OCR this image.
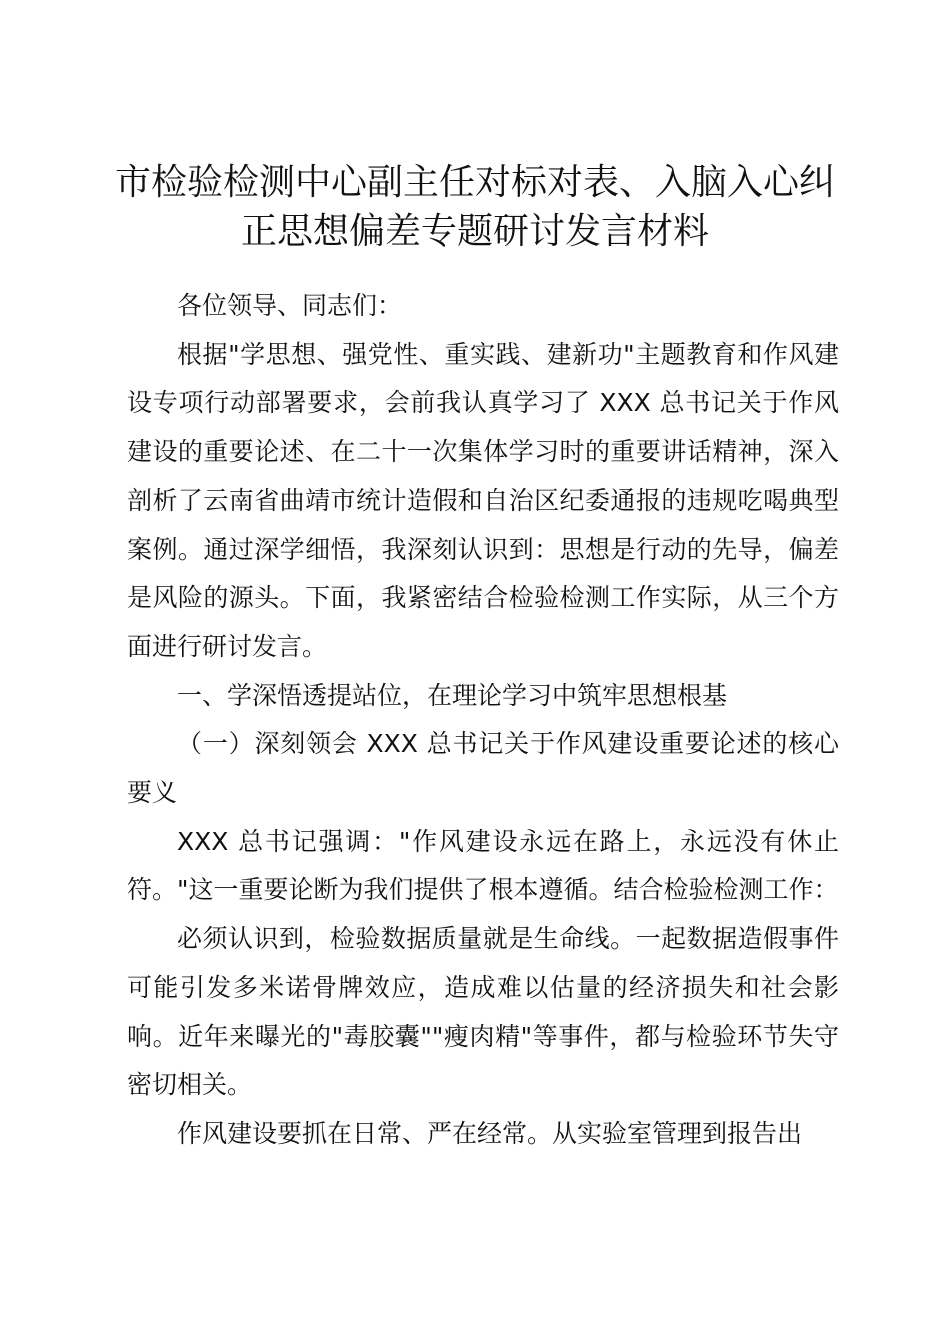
市检验检测中心副主任对标对表、入脑入心纠
正思想偏差专题研讨发言材料

各位领导、同志们：

根据"学思想、强党性、重实践、建新功"主题教育和作风建设专项行动部署要求，会前我认真学习了 XXX 总书记关于作风建设的重要论述、在二十一次集体学习时的重要讲话精神，深入剖析了云南省曲靖市统计造假和自治区纪委通报的违规吃喝典型案例。通过深学细悟，我深刻认识到：思想是行动的先导，偏差是风险的源头。下面，我紧密结合检验检测工作实际，从三个方面进行研讨发言。

一、学深悟透提站位，在理论学习中筑牢思想根基

（一）深刻领会 XXX 总书记关于作风建设重要论述的核心要义

XXX 总书记强调："作风建设永远在路上，永远没有休止符。"这一重要论断为我们提供了根本遵循。结合检验检测工作：

必须认识到，检验数据质量就是生命线。一起数据造假事件可能引发多米诺骨牌效应，造成难以估量的经济损失和社会影响。近年来曝光的"毒胶囊""瘦肉精"等事件，都与检验环节失守密切相关。

作风建设要抓在日常、严在经常。从实验室管理到报告出
